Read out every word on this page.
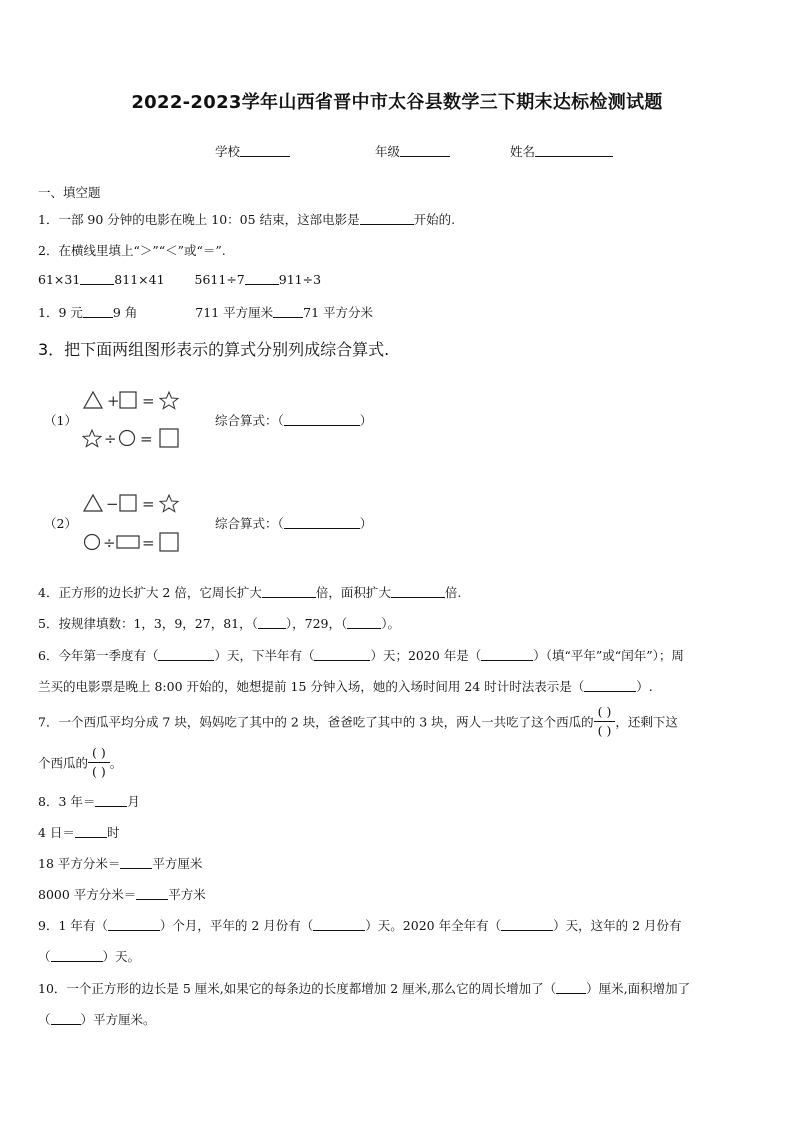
2022-2023学年山西省晋中市太谷县数学三下期末达标检测试题
学校	年级	姓名
一、填空题
1．一部 90 分钟的电影在晚上 10：05 结束，这部电影是	开始的.
2．在横线里填上“＞”“＜”或“＝”.
61×31	811×41 5611÷7	911÷3
1．9 元 9 角	711 平方厘米 71 平方分米
3．把下面两组图形表示的算式分别列成综合算式.
（1）
+ =
÷ =
综合算式：（	）
（2）
− =
÷ =
综合算式：（	）
4．正方形的边长扩大 2 倍，它周长扩大	倍，面积扩大	倍.
5．按规律填数：1，3，9，27，81，（ ），729，（	）。
6．今年第一季度有（	）天，下半年有（	）天；2020 年是（	）（填“平年”或“闰年”）；周
兰买的电影票是晚上 8:00 开始的，她想提前 15 分钟入场，她的入场时间用 24 时计时法表示是（	）.
7．一个西瓜平均分成 7 块，妈妈吃了其中的 2 块，爸爸吃了其中的 3 块，两人一共吃了这个西瓜的 $\frac{( )}{( )}$ ，还剩下这
个西瓜的 $\frac{( )}{( )}$ 。
8．3 年＝	月
4 日＝	时
18 平方分米＝	平方厘米
8000 平方分米＝	平方米
9．1 年有（	）个月，平年的 2 月份有（	）天。2020 年全年有（	）天，这年的 2 月份有
（	）天。
10．一个正方形的边长是 5 厘米,如果它的每条边的长度都增加 2 厘米,那么它的周长增加了（ ）厘米,面积增加了
（ ）平方厘米。
